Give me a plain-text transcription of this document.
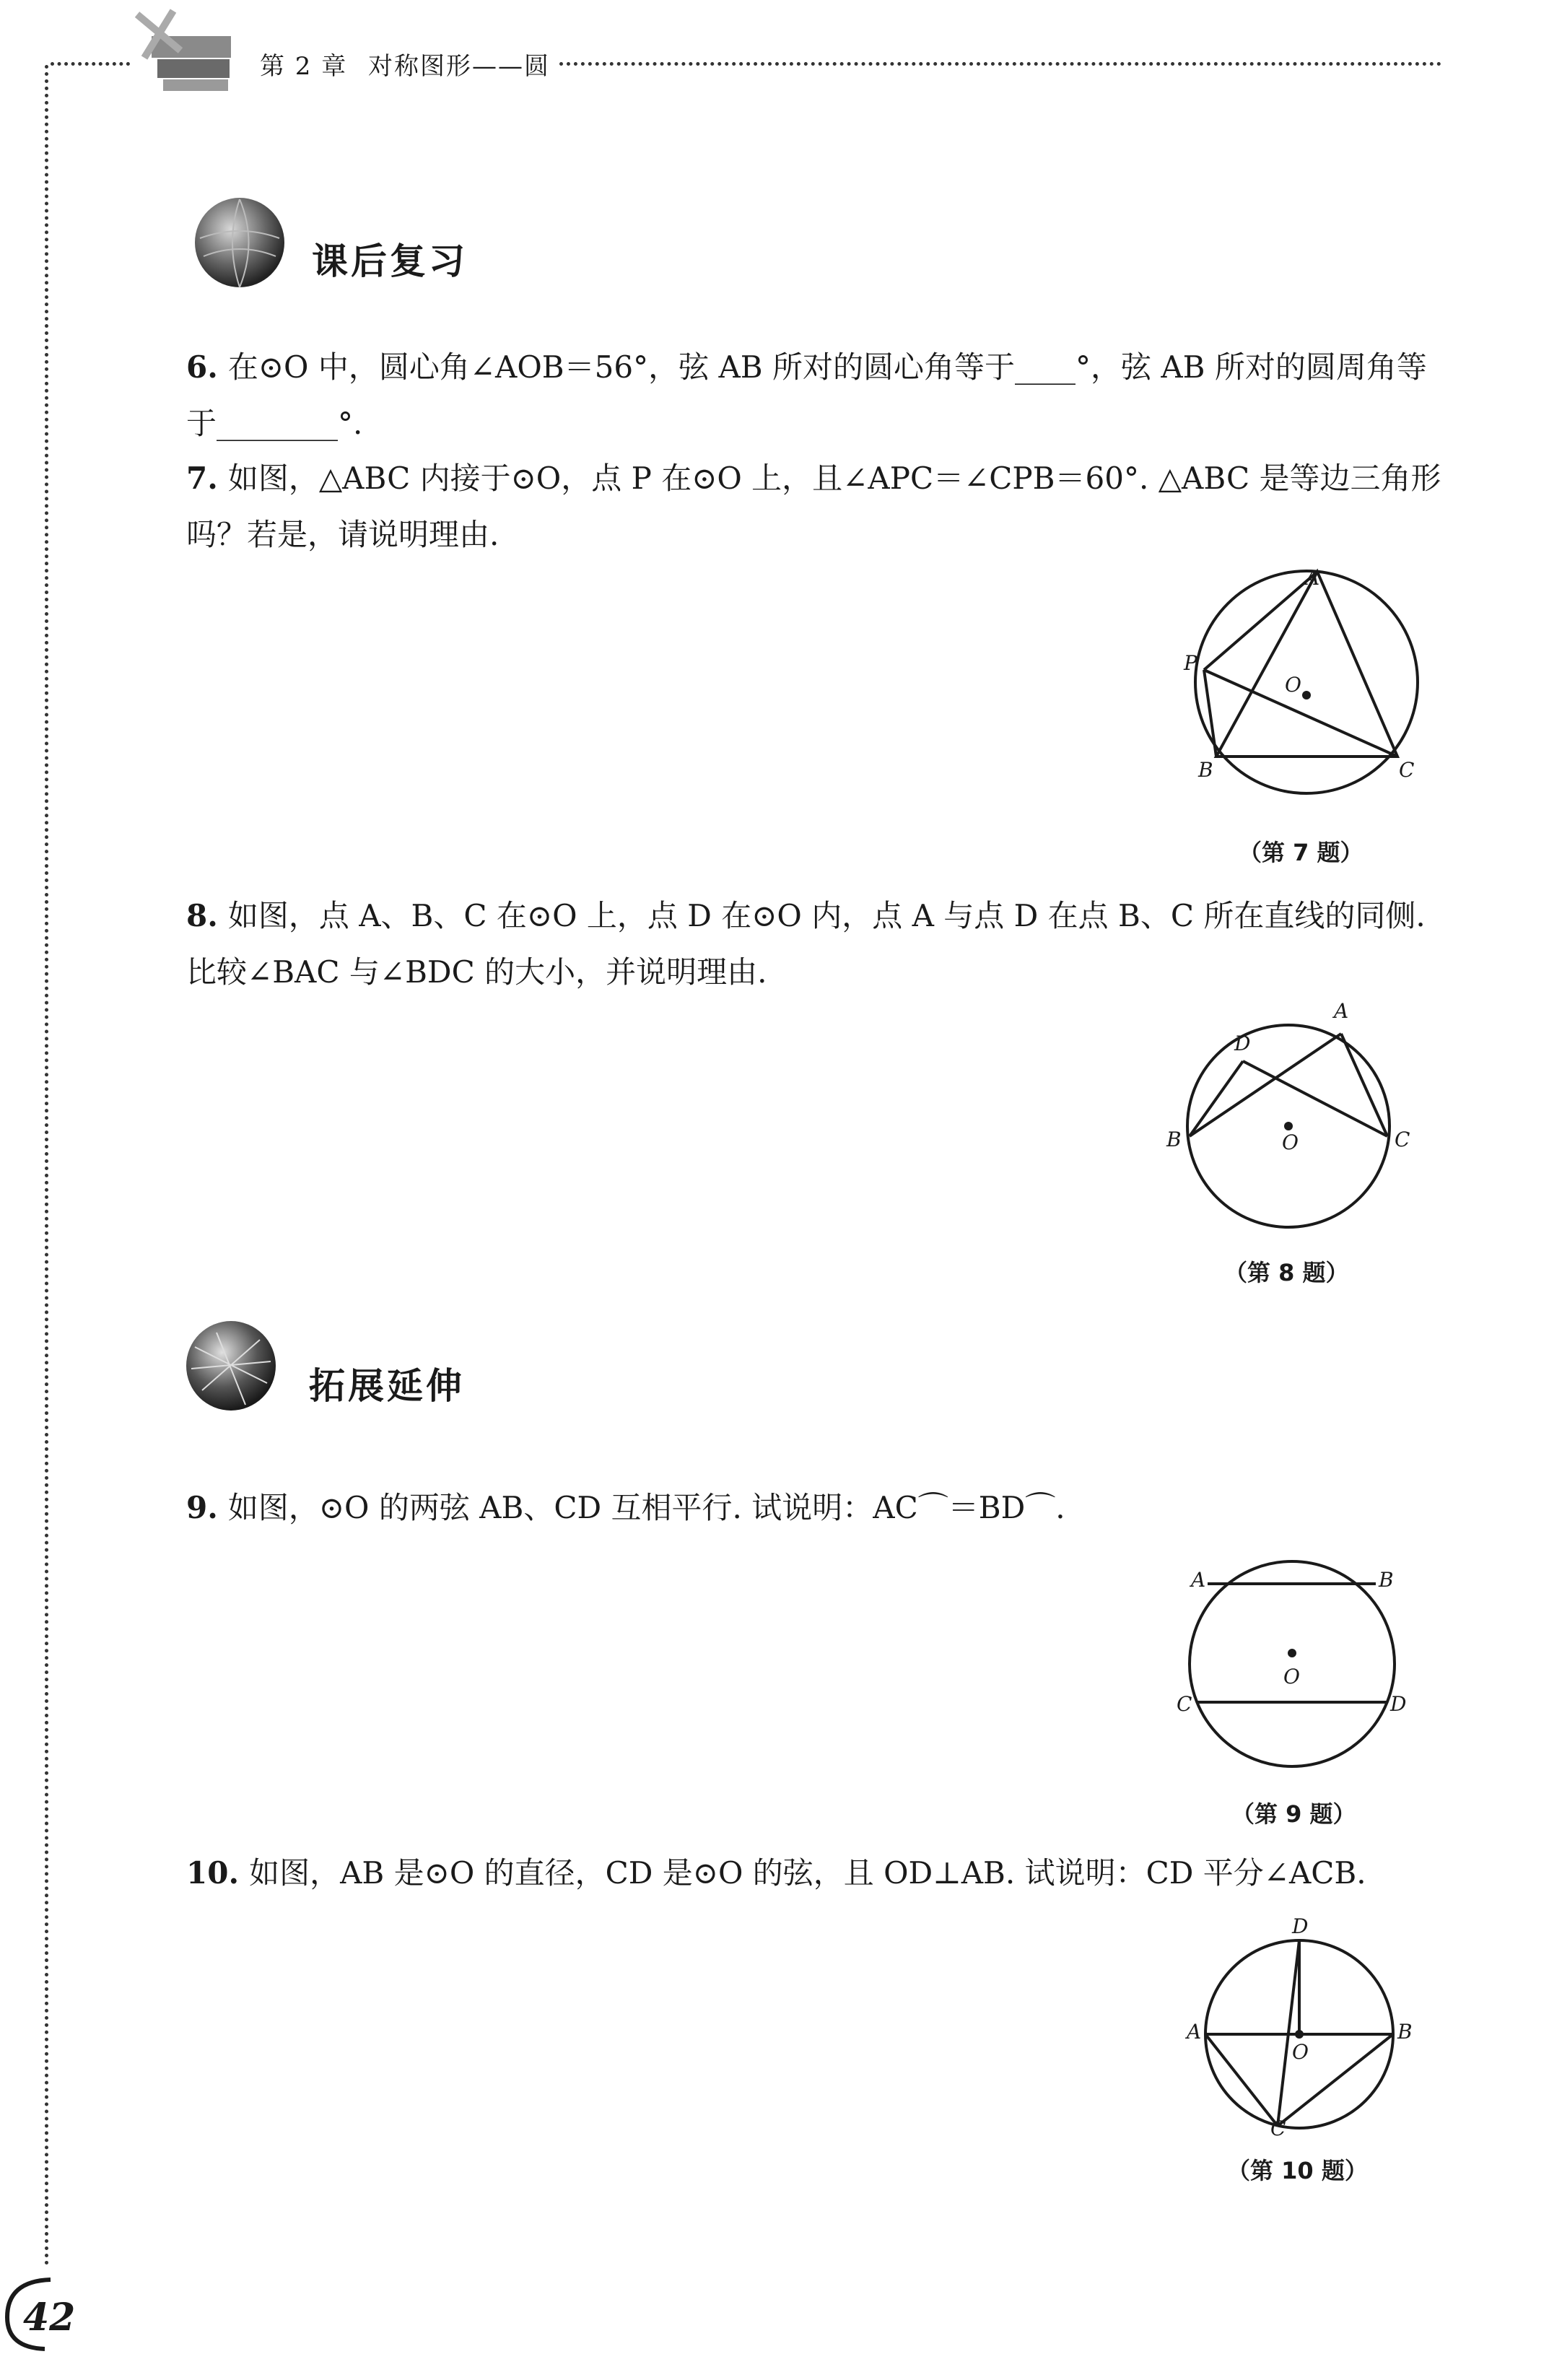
第 2 章 对称图形——圆
课后复习
6. 在⊙O 中，圆心角∠AOB＝56°，弦 AB 所对的圆心角等于____°，弦 AB 所对的圆周角等于________°.
7. 如图，△ABC 内接于⊙O，点 P 在⊙O 上，且∠APC＝∠CPB＝60°. △ABC 是等边三角形吗？若是，请说明理由.
A
P
O
B	C
（第 7 题）
8. 如图，点 A、B、C 在⊙O 上，点 D 在⊙O 内，点 A 与点 D 在点 B、C 所在直线的同侧. 比较∠BAC 与∠BDC 的大小，并说明理由.
A
D
B	O	C
（第 8 题）
拓展延伸
9. 如图，⊙O 的两弦 AB、CD 互相平行. 试说明：AC⌒＝BD⌒.
A	B
O
C	D
（第 9 题）
10. 如图，AB 是⊙O 的直径，CD 是⊙O 的弦，且 OD⊥AB. 试说明：CD 平分∠ACB.
D
A	B
O
C
（第 10 题）
42
